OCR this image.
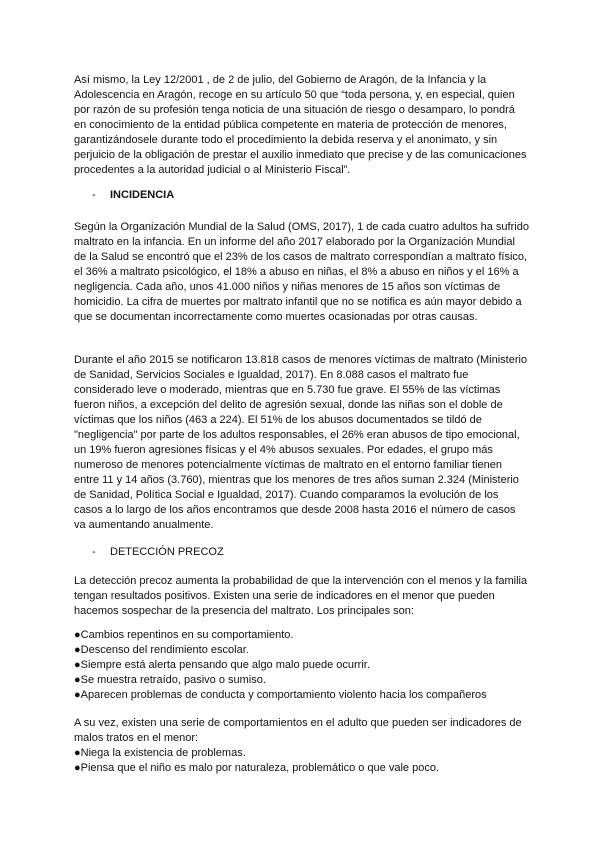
Así mismo, la Ley 12/2001 , de 2 de julio, del Gobierno de Aragón, de la Infancia y la Adolescencia en Aragón, recoge en su artículo 50 que “toda persona, y, en especial, quien por razón de su profesión tenga noticia de una situación de riesgo o desamparo, lo pondrá en conocimiento de la entidad pública competente en materia de protección de menores, garantizándosele durante todo el procedimiento la debida reserva y el anonimato, y sin perjuicio de la obligación de prestar el auxilio inmediato que precise y de las comunicaciones procedentes a la autoridad judicial o al Ministerio Fiscal”.

- INCIDENCIA

Según la Organización Mundial de la Salud (OMS, 2017), 1 de cada cuatro adultos ha sufrido maltrato en la infancia. En un informe del año 2017 elaborado por la Organización Mundial de la Salud se encontró que el 23% de los casos de maltrato correspondían a maltrato físico, el 36% a maltrato psicológico, el 18% a abuso en niñas, el 8% a abuso en niños y el 16% a negligencia. Cada año, unos 41.000 niños y niñas menores de 15 años son víctimas de homicidio. La cifra de muertes por maltrato infantil que no se notifica es aún mayor debido a que se documentan incorrectamente como muertes ocasionadas por otras causas.

Durante el año 2015 se notificaron 13.818 casos de menores víctimas de maltrato (Ministerio de Sanidad, Servicios Sociales e Igualdad, 2017). En 8.088 casos el maltrato fue considerado leve o moderado, mientras que en 5.730 fue grave. El 55% de las víctimas fueron niños, a excepción del delito de agresión sexual, donde las niñas son el doble de víctimas que los niños (463 a 224). El 51% de los abusos documentados se tildó de "negligencia" por parte de los adultos responsables, el 26% eran abusos de tipo emocional, un 19% fueron agresiones físicas y el 4% abusos sexuales. Por edades, el grupo más numeroso de menores potencialmente víctimas de maltrato en el entorno familiar tienen entre 11 y 14 años (3.760), mientras que los menores de tres años suman 2.324 (Ministerio de Sanidad, Política Social e Igualdad, 2017). Cuando comparamos la evolución de los casos a lo largo de los años encontramos que desde 2008 hasta 2016 el número de casos va aumentando anualmente.

- DETECCIÓN PRECOZ

La detección precoz aumenta la probabilidad de que la intervención con el menos y la familia tengan resultados positivos. Existen una serie de indicadores en el menor que pueden hacemos sospechar de la presencia del maltrato. Los principales son:

●Cambios repentinos en su comportamiento.
●Descenso del rendimiento escolar.
●Siempre está alerta pensando que algo malo puede ocurrir.
●Se muestra retraído, pasivo o sumiso.
●Aparecen problemas de conducta y comportamiento violento hacia los compañeros

A su vez, existen una serie de comportamientos en el adulto que pueden ser indicadores de malos tratos en el menor:

●Niega la existencia de problemas.
●Piensa que el niño es malo por naturaleza, problemático o que vale poco.
